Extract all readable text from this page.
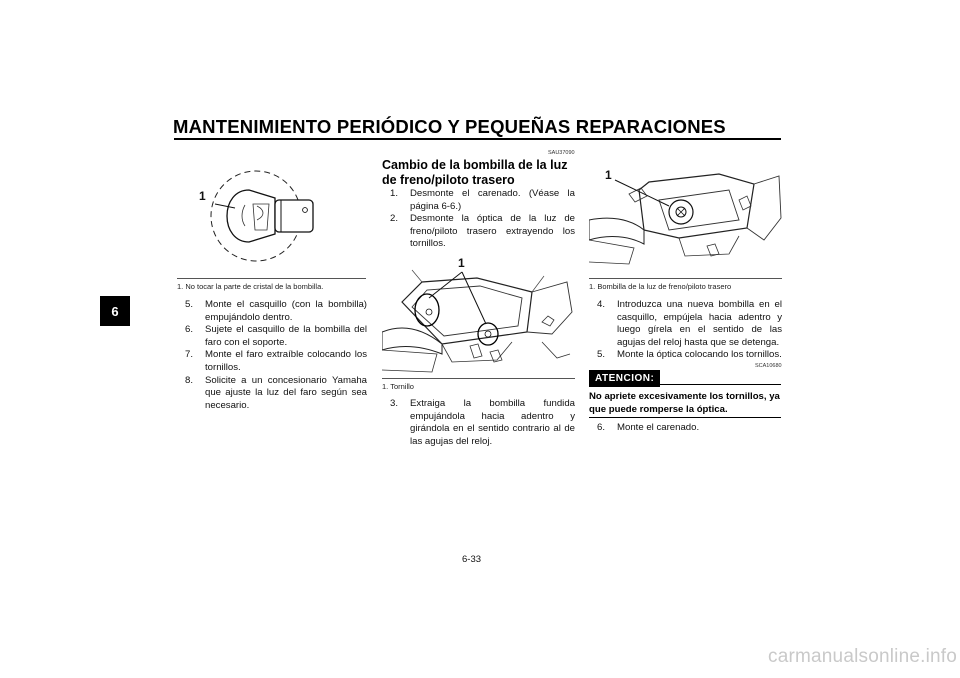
MANTENIMIENTO PERIÓDICO Y PEQUEÑAS REPARACIONES
6
1
1. No tocar la parte de cristal de la bombilla.
5. Monte el casquillo (con la bombilla) empujándolo dentro.
6. Sujete el casquillo de la bombilla del faro con el soporte.
7. Monte el faro extraíble colocando los tornillos.
8. Solicite a un concesionario Yamaha que ajuste la luz del faro según sea necesario.
SAU37090
Cambio de la bombilla de la luz de freno/piloto trasero
1. Desmonte el carenado. (Véase la página 6-6.)
2. Desmonte la óptica de la luz de freno/piloto trasero extrayendo los tornillos.
1
1. Tornillo
3. Extraiga la bombilla fundida empujándola hacia adentro y girándola en el sentido contrario al de las agujas del reloj.
1
1. Bombilla de la luz de freno/piloto trasero
4. Introduzca una nueva bombilla en el casquillo, empújela hacia adentro y luego gírela en el sentido de las agujas del reloj hasta que se detenga.
5. Monte la óptica colocando los tornillos.
SCA10680
ATENCION:
No apriete excesivamente los tornillos, ya que puede romperse la óptica.
6. Monte el carenado.
6-33
carmanualsonline.info
